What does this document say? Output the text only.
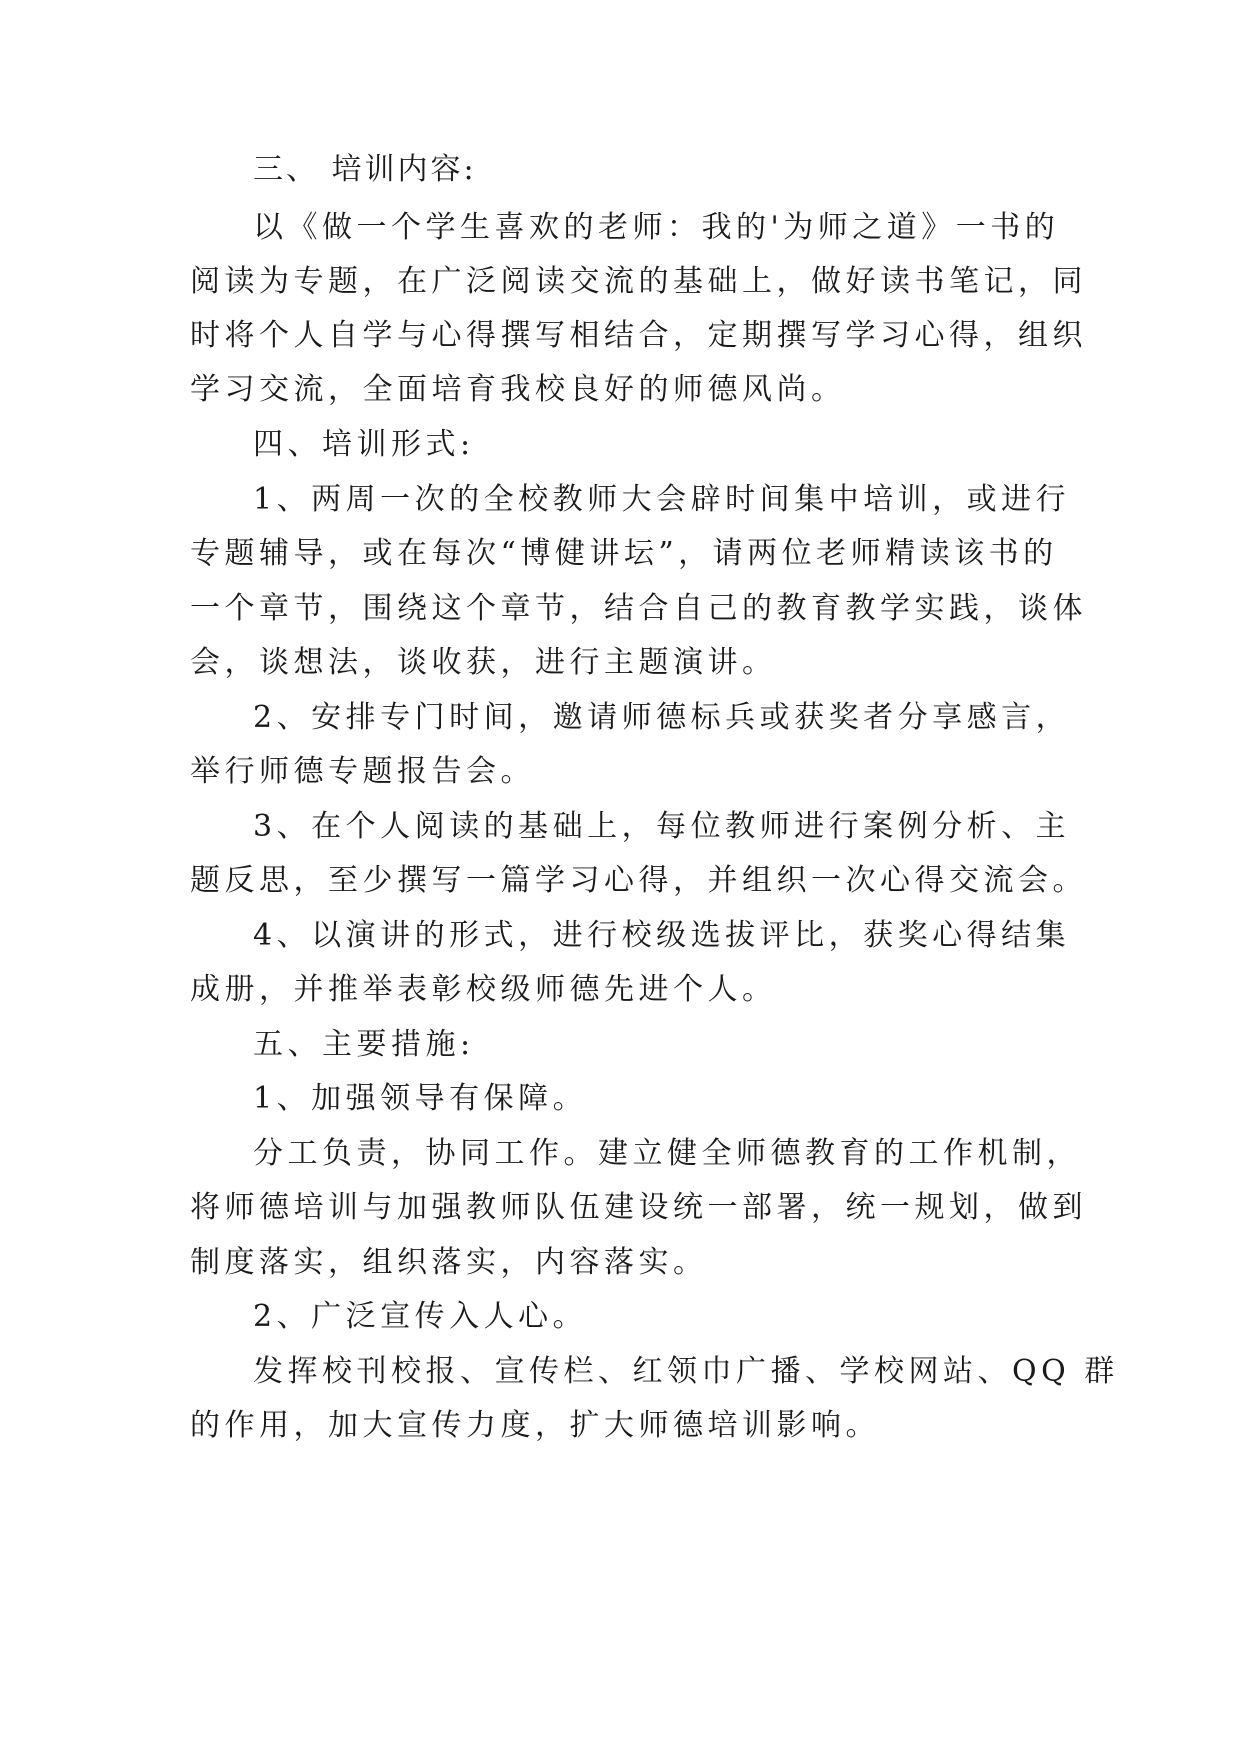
三、 培训内容:
以《做一个学生喜欢的老师：我的'为师之道》一书的
阅读为专题，在广泛阅读交流的基础上，做好读书笔记，同
时将个人自学与心得撰写相结合，定期撰写学习心得，组织
学习交流，全面培育我校良好的师德风尚。
四、培训形式:
1、两周一次的全校教师大会辟时间集中培训，或进行
专题辅导，或在每次“博健讲坛”，请两位老师精读该书的
一个章节，围绕这个章节，结合自己的教育教学实践，谈体
会，谈想法，谈收获，进行主题演讲。
2、安排专门时间，邀请师德标兵或获奖者分享感言，
举行师德专题报告会。
3、在个人阅读的基础上，每位教师进行案例分析、主
题反思，至少撰写一篇学习心得，并组织一次心得交流会。
4、以演讲的形式，进行校级选拔评比，获奖心得结集
成册，并推举表彰校级师德先进个人。
五、主要措施:
1、加强领导有保障。
分工负责，协同工作。建立健全师德教育的工作机制，
将师德培训与加强教师队伍建设统一部署，统一规划，做到
制度落实，组织落实，内容落实。
2、广泛宣传入人心。
发挥校刊校报、宣传栏、红领巾广播、学校网站、QQ 群
的作用，加大宣传力度，扩大师德培训影响。
